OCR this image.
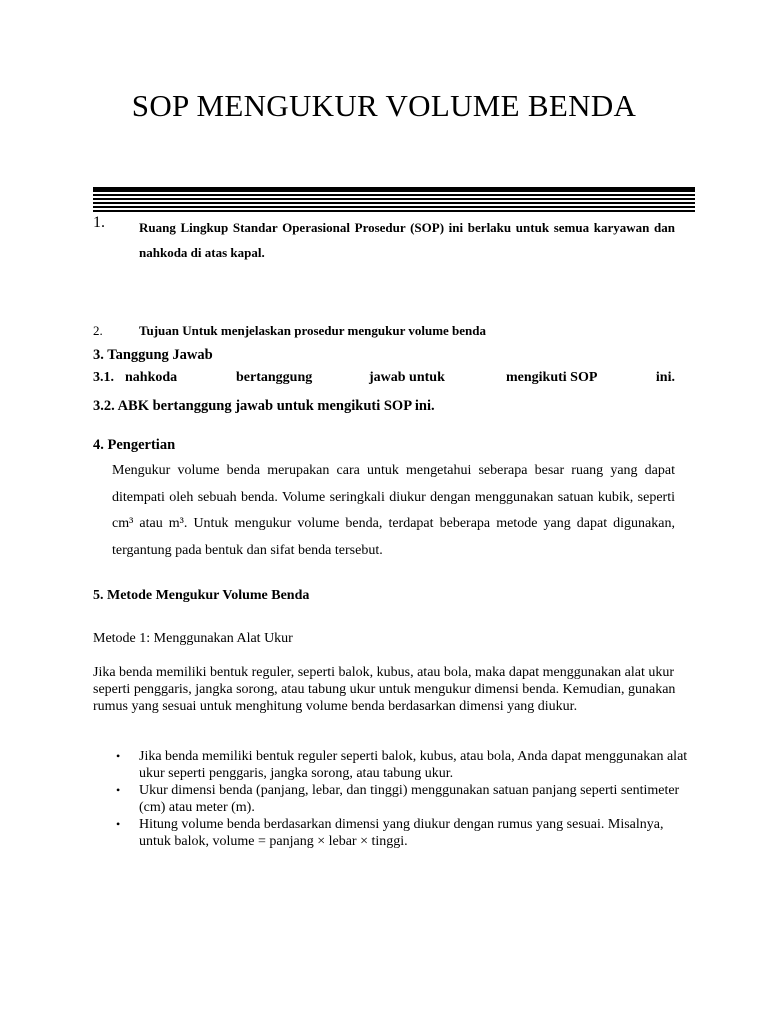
SOP MENGUKUR VOLUME BENDA
1.	Ruang Lingkup Standar Operasional Prosedur (SOP) ini berlaku untuk semua karyawan dan nahkoda di atas kapal.
2.	Tujuan Untuk menjelaskan prosedur mengukur volume benda
3. Tanggung Jawab
3.1. nahkoda	bertanggung	jawab untuk	mengikuti SOP	ini.
3.2. ABK bertanggung jawab untuk mengikuti SOP ini.
4. Pengertian
Mengukur volume benda merupakan cara untuk mengetahui seberapa besar ruang yang dapat ditempati oleh sebuah benda. Volume seringkali diukur dengan menggunakan satuan kubik, seperti cm³ atau m³. Untuk mengukur volume benda, terdapat beberapa metode yang dapat digunakan, tergantung pada bentuk dan sifat benda tersebut.
5. Metode Mengukur Volume Benda
Metode 1: Menggunakan Alat Ukur
Jika benda memiliki bentuk reguler, seperti balok, kubus, atau bola, maka dapat menggunakan alat ukur seperti penggaris, jangka sorong, atau tabung ukur untuk mengukur dimensi benda. Kemudian, gunakan rumus yang sesuai untuk menghitung volume benda berdasarkan dimensi yang diukur.
• Jika benda memiliki bentuk reguler seperti balok, kubus, atau bola, Anda dapat menggunakan alat ukur seperti penggaris, jangka sorong, atau tabung ukur.
• Ukur dimensi benda (panjang, lebar, dan tinggi) menggunakan satuan panjang seperti sentimeter (cm) atau meter (m).
• Hitung volume benda berdasarkan dimensi yang diukur dengan rumus yang sesuai. Misalnya, untuk balok, volume = panjang × lebar × tinggi.
